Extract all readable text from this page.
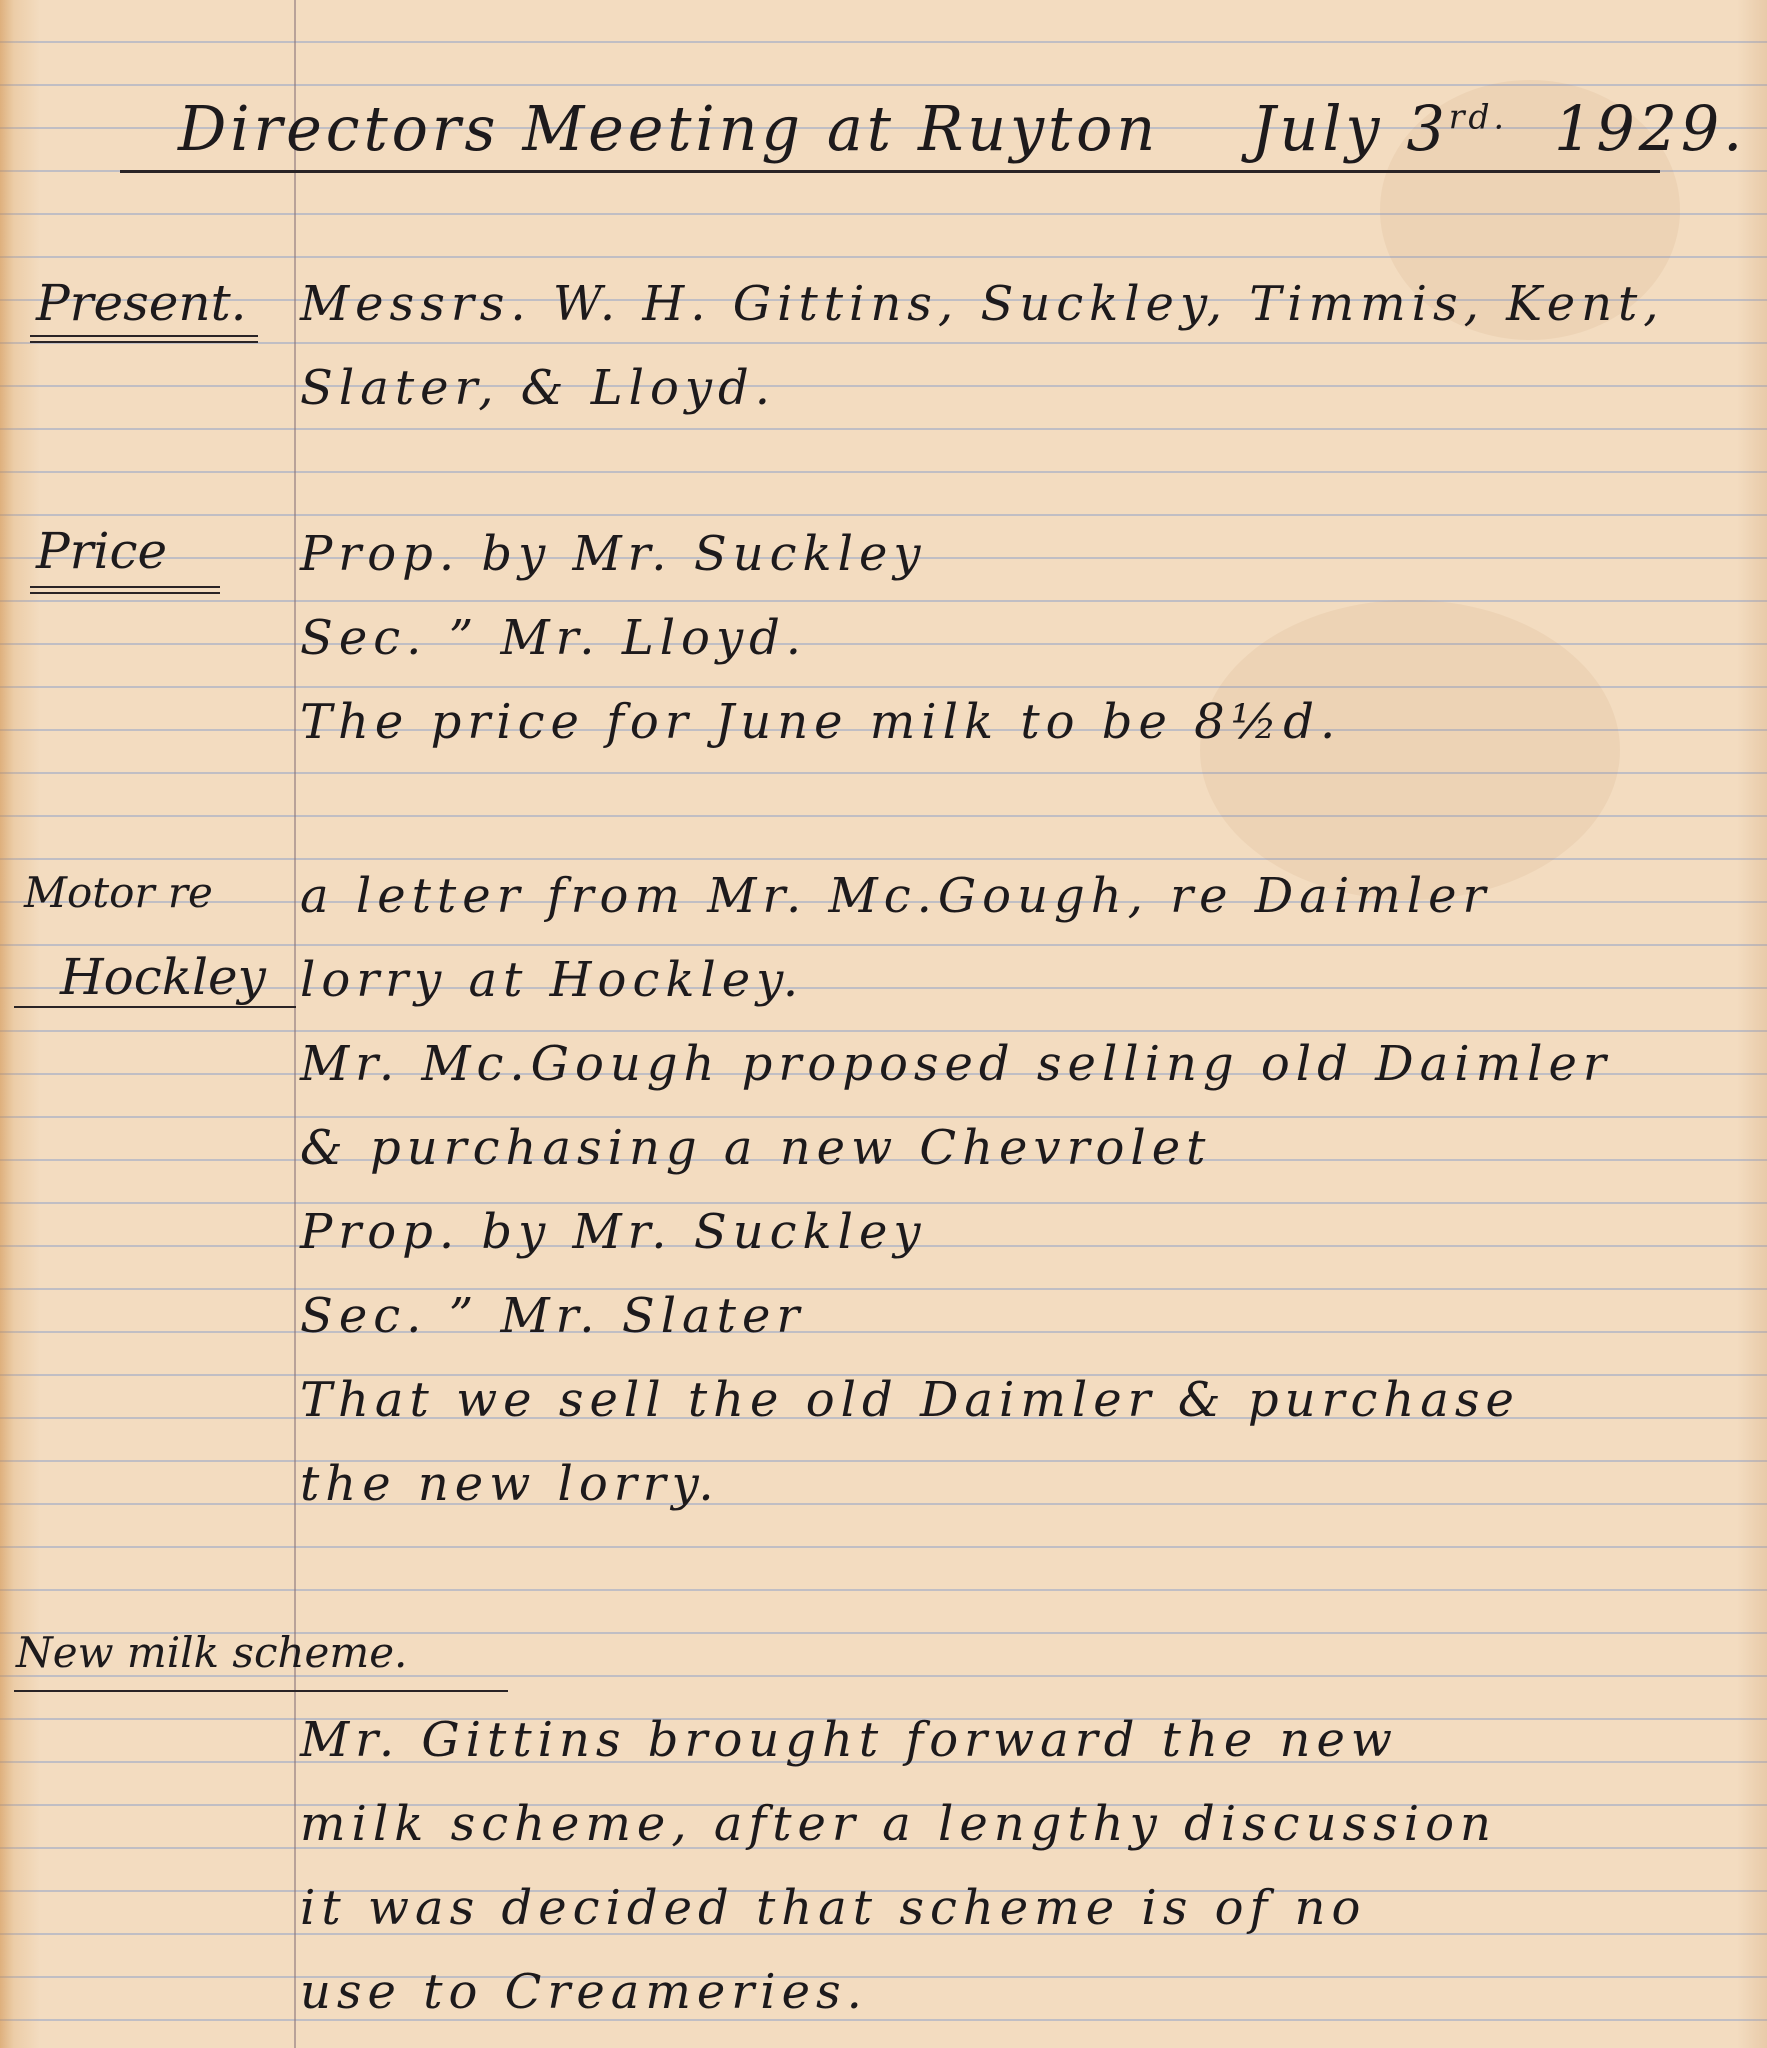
Directors Meeting at Ruyton July $3^{rd.}$ 1929.
Present. Messrs. W. H. Gittins, Suckley, Timmis, Kent,
Slater, & Lloyd.
Price	Prop. by Mr. Suckley
Sec. ” Mr. Lloyd.
The price for June milk to be 8½d.
Motor re
Hockley
a letter from Mr. Mc.Gough, re Daimler
lorry at Hockley.
Mr. Mc.Gough proposed selling old Daimler
& purchasing a new Chevrolet
Prop. by Mr. Suckley
Sec. ” Mr. Slater
That we sell the old Daimler & purchase
the new lorry.
New milk scheme.
Mr. Gittins brought forward the new
milk scheme, after a lengthy discussion
it was decided that scheme is of no
use to Creameries.
